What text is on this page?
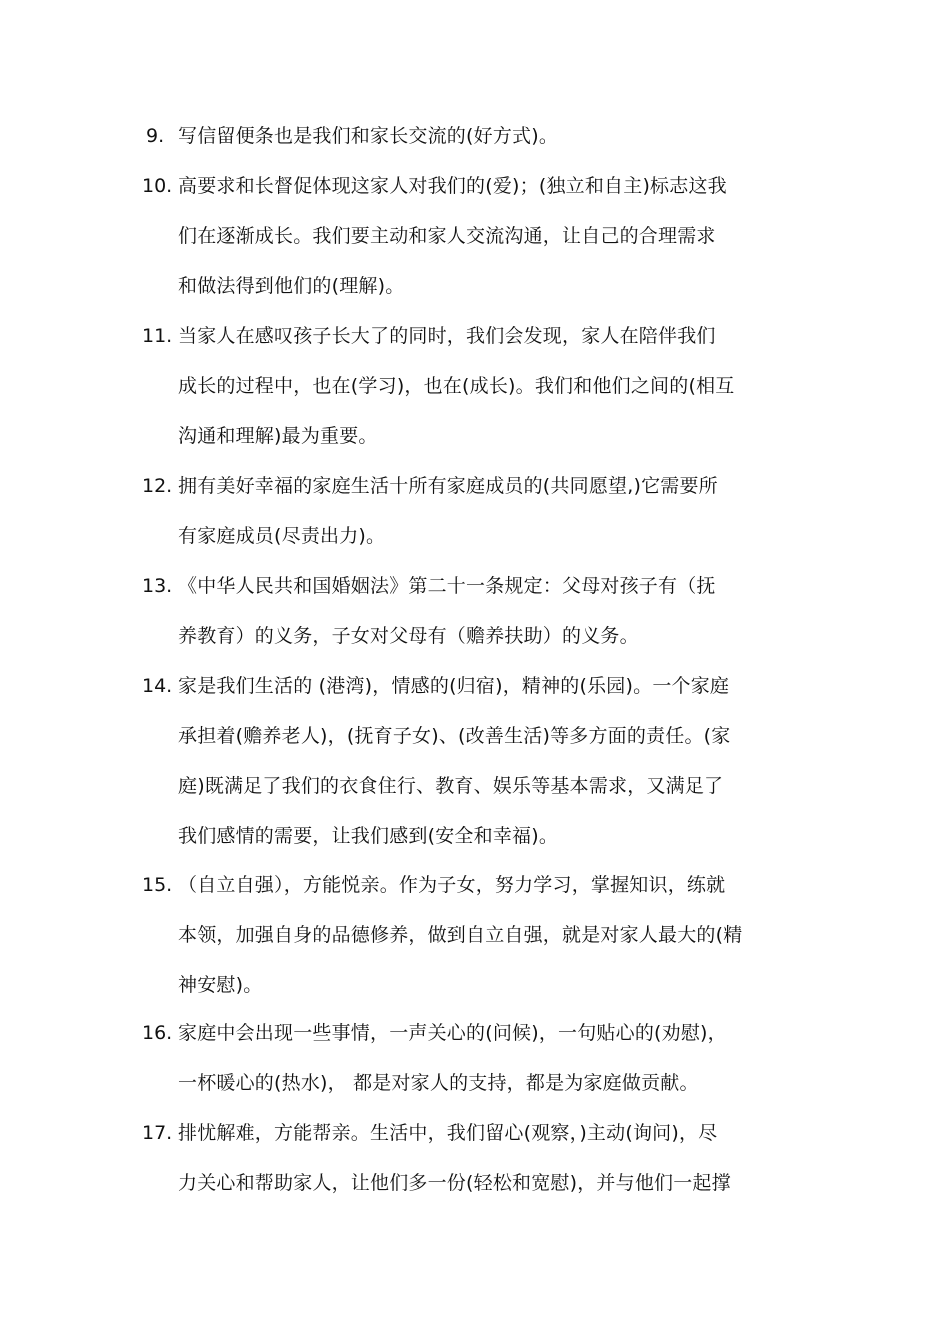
9. 写信留便条也是我们和家长交流的(好方式)。
10. 高要求和长督促体现这家人对我们的(爱)；(独立和自主)标志这我
们在逐渐成长。我们要主动和家人交流沟通，让自己的合理需求
和做法得到他们的(理解)。
11. 当家人在感叹孩子长大了的同时，我们会发现，家人在陪伴我们
成长的过程中，也在(学习)，也在(成长)。我们和他们之间的(相互
沟通和理解)最为重要。
12. 拥有美好幸福的家庭生活十所有家庭成员的(共同愿望,)它需要所
有家庭成员(尽责出力)。
13. 《中华人民共和国婚姻法》第二十一条规定：父母对孩子有（抚
养教育）的义务，子女对父母有（赡养扶助）的义务。
14. 家是我们生活的 (港湾)，情感的(归宿)，精神的(乐园)。一个家庭
承担着(赡养老人)，(抚育子女)、(改善生活)等多方面的责任。(家
庭)既满足了我们的衣食住行、教育、娱乐等基本需求，又满足了
我们感情的需要，让我们感到(安全和幸福)。
15. （自立自强），方能悦亲。作为子女，努力学习，掌握知识，练就
本领，加强自身的品德修养，做到自立自强，就是对家人最大的(精
神安慰)。
16. 家庭中会出现一些事情，一声关心的(问候)，一句贴心的(劝慰)，
一杯暖心的(热水)， 都是对家人的支持，都是为家庭做贡献。
17. 排忧解难，方能帮亲。生活中，我们留心(观察，)主动(询问)，尽
力关心和帮助家人，让他们多一份(轻松和宽慰)，并与他们一起撑
